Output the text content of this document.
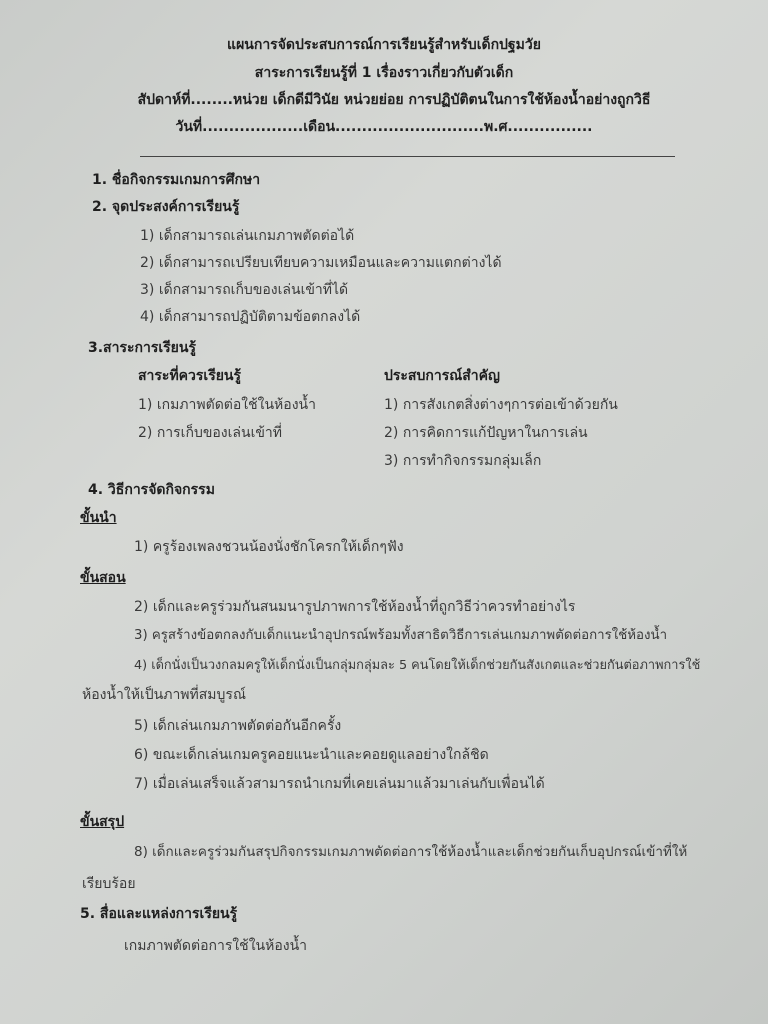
แผนการจัดประสบการณ์การเรียนรู้สำหรับเด็กปฐมวัย
สาระการเรียนรู้ที่ 1 เรื่องราวเกี่ยวกับตัวเด็ก
สัปดาห์ที่........หน่วย เด็กดีมีวินัย หน่วยย่อย การปฏิบัติตนในการใช้ห้องน้ำอย่างถูกวิธี
วันที่...................เดือน............................พ.ศ................
1. ชื่อกิจกรรมเกมการศึกษา
2. จุดประสงค์การเรียนรู้
1) เด็กสามารถเล่นเกมภาพตัดต่อได้
2) เด็กสามารถเปรียบเทียบความเหมือนและความแตกต่างได้
3) เด็กสามารถเก็บของเล่นเข้าที่ได้
4) เด็กสามารถปฏิบัติตามข้อตกลงได้
3.สาระการเรียนรู้
สาระที่ควรเรียนรู้	ประสบการณ์สำคัญ
1) เกมภาพตัดต่อใช้ในห้องน้ำ
2) การเก็บของเล่นเข้าที่
1) การสังเกตสิ่งต่างๆการต่อเข้าด้วยกัน
2) การคิดการแก้ปัญหาในการเล่น
3) การทำกิจกรรมกลุ่มเล็ก
4. วิธีการจัดกิจกรรม
ขั้นนำ
1) ครูร้องเพลงชวนน้องนั่งชักโครกให้เด็กๆฟัง
ขั้นสอน
2) เด็กและครูร่วมกันสนมนารูปภาพการใช้ห้องน้ำที่ถูกวิธีว่าควรทำอย่างไร
3) ครูสร้างข้อตกลงกับเด็กแนะนำอุปกรณ์พร้อมทั้งสาธิตวิธีการเล่นเกมภาพตัดต่อการใช้ห้องน้ำ
4) เด็กนั่งเป็นวงกลมครูให้เด็กนั่งเป็นกลุ่มกลุ่มละ 5 คนโดยให้เด็กช่วยกันสังเกตและช่วยกันต่อภาพการใช้
ห้องน้ำให้เป็นภาพที่สมบูรณ์
5) เด็กเล่นเกมภาพตัดต่อกันอีกครั้ง
6) ขณะเด็กเล่นเกมครูคอยแนะนำและคอยดูแลอย่างใกล้ชิด
7) เมื่อเล่นเสร็จแล้วสามารถนำเกมที่เคยเล่นมาแล้วมาเล่นกับเพื่อนได้
ขั้นสรุป
8) เด็กและครูร่วมกันสรุปกิจกรรมเกมภาพตัดต่อการใช้ห้องน้ำและเด็กช่วยกันเก็บอุปกรณ์เข้าที่ให้
เรียบร้อย
5. สื่อและแหล่งการเรียนรู้
เกมภาพตัดต่อการใช้ในห้องน้ำ
